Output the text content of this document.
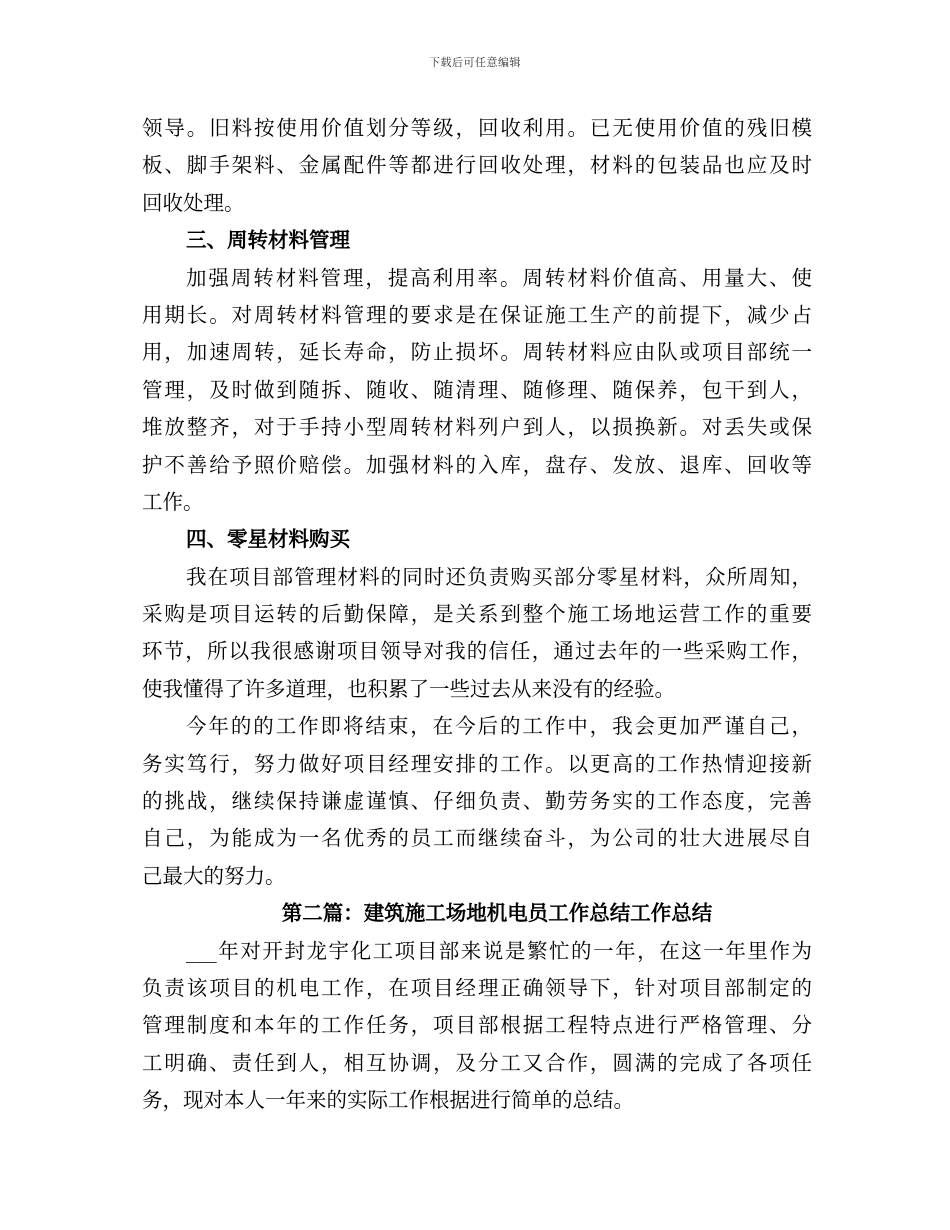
下载后可任意编辑
领导。旧料按使用价值划分等级，回收利用。已无使用价值的残旧模
板、脚手架料、金属配件等都进行回收处理，材料的包装品也应及时
回收处理。
三、周转材料管理
加强周转材料管理，提高利用率。周转材料价值高、用量大、使
用期长。对周转材料管理的要求是在保证施工生产的前提下，减少占
用，加速周转，延长寿命，防止损坏。周转材料应由队或项目部统一
管理，及时做到随拆、随收、随清理、随修理、随保养，包干到人，
堆放整齐，对于手持小型周转材料列户到人，以损换新。对丢失或保
护不善给予照价赔偿。加强材料的入库，盘存、发放、退库、回收等
工作。
四、零星材料购买
我在项目部管理材料的同时还负责购买部分零星材料，众所周知，
采购是项目运转的后勤保障，是关系到整个施工场地运营工作的重要
环节，所以我很感谢项目领导对我的信任，通过去年的一些采购工作，
使我懂得了许多道理，也积累了一些过去从来没有的经验。
今年的的工作即将结束，在今后的工作中，我会更加严谨自己，
务实笃行，努力做好项目经理安排的工作。以更高的工作热情迎接新
的挑战，继续保持谦虚谨慎、仔细负责、勤劳务实的工作态度，完善
自己，为能成为一名优秀的员工而继续奋斗，为公司的壮大进展尽自
己最大的努力。
第二篇：建筑施工场地机电员工作总结工作总结
___年对开封龙宇化工项目部来说是繁忙的一年，在这一年里作为
负责该项目的机电工作，在项目经理正确领导下，针对项目部制定的
管理制度和本年的工作任务，项目部根据工程特点进行严格管理、分
工明确、责任到人，相互协调，及分工又合作，圆满的完成了各项任
务，现对本人一年来的实际工作根据进行简单的总结。
